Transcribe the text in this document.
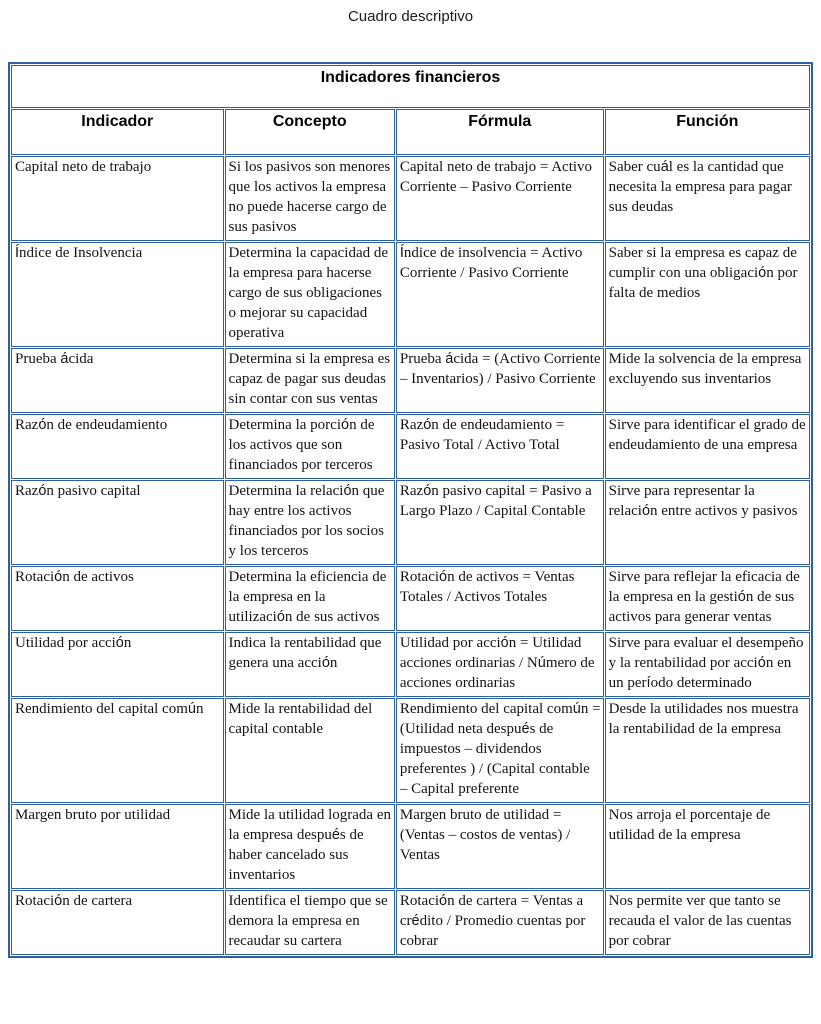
Cuadro descriptivo
Indicadores financieros			
Indicador	Concepto	Fórmula	Función
Capital neto de trabajo	Si los pasivos son menores que los activos la empresa no puede hacerse cargo de sus pasivos	Capital neto de trabajo = Activo Corriente – Pasivo Corriente	Saber cuál es la cantidad que necesita la empresa para pagar sus deudas
Índice de Insolvencia	Determina la capacidad de la empresa para hacerse cargo de sus obligaciones o mejorar su capacidad operativa	Índice de insolvencia = Activo Corriente / Pasivo Corriente	Saber si la empresa es capaz de cumplir con una obligación por falta de medios
Prueba ácida	Determina si la empresa es capaz de pagar sus deudas sin contar con sus ventas	Prueba ácida = (Activo Corriente – Inventarios) / Pasivo Corriente	Mide la solvencia de la empresa excluyendo sus inventarios
Razón de endeudamiento	Determina la porción de los activos que son financiados por terceros	Razón de endeudamiento = Pasivo Total / Activo Total	Sirve para identificar el grado de endeudamiento de una empresa
Razón pasivo capital	Determina la relación que hay entre los activos financiados por los socios y los terceros	Razón pasivo capital = Pasivo a Largo Plazo / Capital Contable	Sirve para representar la relación entre activos y pasivos
Rotación de activos	Determina la eficiencia de la empresa en la utilización de sus activos	Rotación de activos = Ventas Totales / Activos Totales	Sirve para reflejar la eficacia de la empresa en la gestión de sus activos para generar ventas
Utilidad por acción	Indica la rentabilidad que genera una acción	Utilidad por acción = Utilidad acciones ordinarias / Número de acciones ordinarias	Sirve para evaluar el desempeño y la rentabilidad por acción en un período determinado
Rendimiento del capital común	Mide la rentabilidad del capital contable	Rendimiento del capital común = (Utilidad neta después de impuestos – dividendos preferentes ) / (Capital contable – Capital preferente	Desde la utilidades nos muestra la rentabilidad de la empresa
Margen bruto por utilidad	Mide la utilidad lograda en la empresa después de haber cancelado sus inventarios	Margen bruto de utilidad = (Ventas – costos de ventas) / Ventas	Nos arroja el porcentaje de utilidad de la empresa
Rotación de cartera	Identifica el tiempo que se demora la empresa en recaudar su cartera	Rotación de cartera = Ventas a crédito / Promedio cuentas por cobrar	Nos permite ver que tanto se recauda el valor de las cuentas por cobrar
